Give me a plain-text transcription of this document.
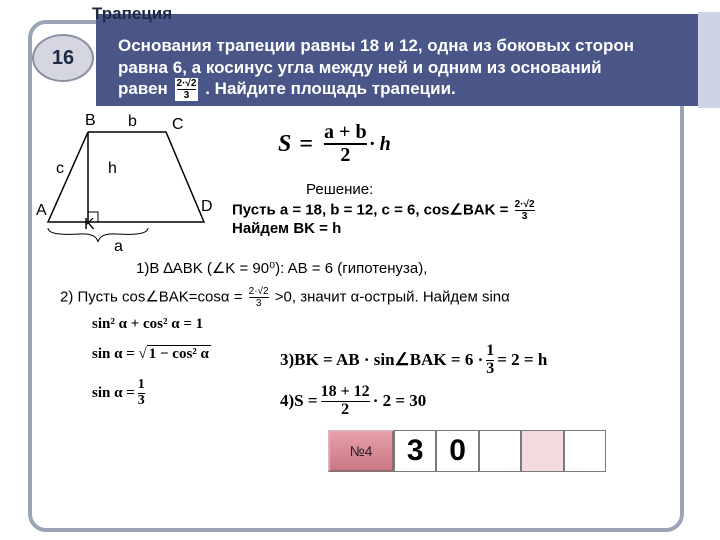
Трапеция
16
Основания трапеции равны 18 и 12, одна из боковых сторон
равна 6, а косинус угла между ней и одним из оснований
равен $\frac{2\cdot√2}{3}$ . Найдите площадь трапеции.
B b C
c	h
A
K
D
a
S = a + b
2
· h
Решение:
Пусть a = 18, b = 12, c = 6, cos∠BAK = $\frac{2\cdot√2}{3}$
Найдем BK = h
1)В ∆ABK (∠K = 90⁰): AB = 6 (гипотенуза),
2) Пусть cos∠BAK=cosα = $\frac{2\cdot√2}{3} >0$, значит α-острый. Найдем sinα
sin² α + cos² α = 1
sin α = √ 1 − cos² α
sin α =
1
3
3)BK = AB · sin∠BAK = 6 · 1
3 = 2 = h
4)S = 18 + 12
2 · 2 = 30
№4	3 0
